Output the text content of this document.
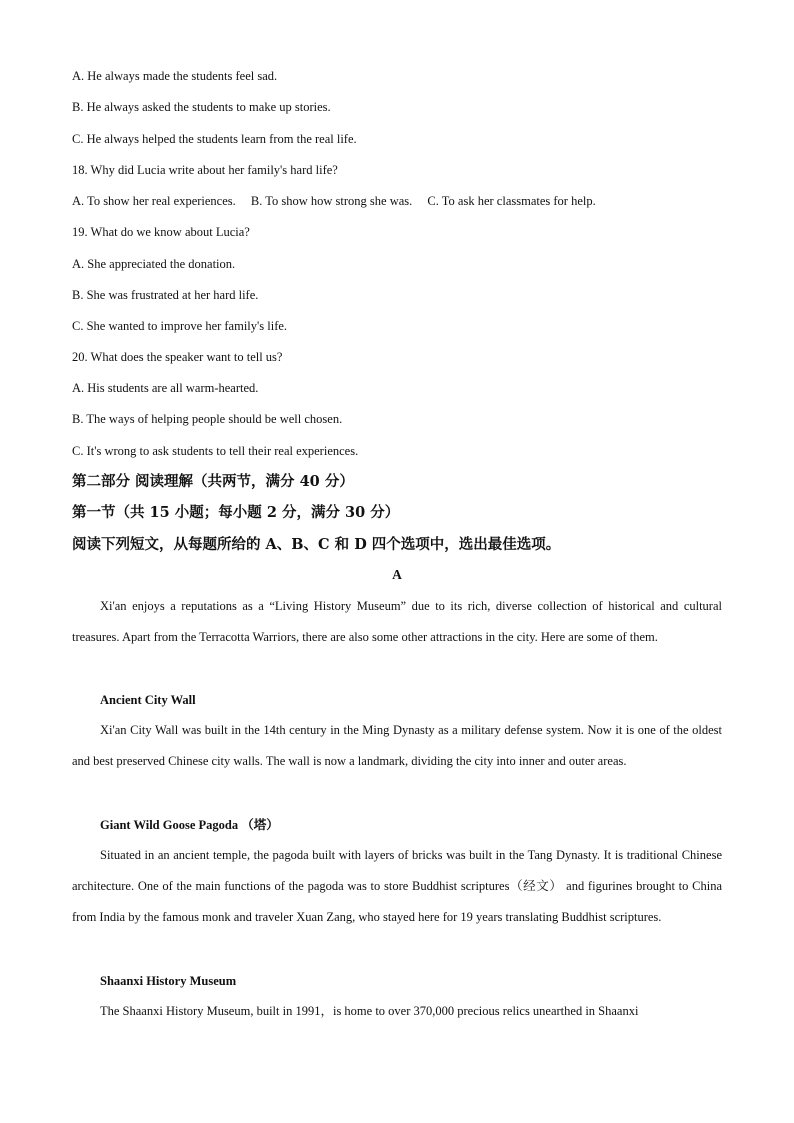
A. He always made the students feel sad.
B. He always asked the students to make up stories.
C. He always helped the students learn from the real life.
18. Why did Lucia write about her family's hard life?
A. To show her real experiences. B. To show how strong she was. C. To ask her classmates for help.
19. What do we know about Lucia?
A. She appreciated the donation.
B. She was frustrated at her hard life.
C. She wanted to improve her family's life.
20. What does the speaker want to tell us?
A. His students are all warm-hearted.
B. The ways of helping people should be well chosen.
C. It's wrong to ask students to tell their real experiences.
第二部分 阅读理解（共两节，满分 40 分）
第一节（共 15 小题；每小题 2 分，满分 30 分）
阅读下列短文，从每题所给的 A、B、C 和 D 四个选项中，选出最佳选项。
A

Xi'an enjoys a reputations as a “Living History Museum” due to its rich, diverse collection of historical and cultural treasures. Apart from the Terracotta Warriors, there are also some other attractions in the city. Here are some of them.

Ancient City Wall

Xi'an City Wall was built in the 14th century in the Ming Dynasty as a military defense system. Now it is one of the oldest and best preserved Chinese city walls. The wall is now a landmark, dividing the city into inner and outer areas.

Giant Wild Goose Pagoda （塔）

Situated in an ancient temple, the pagoda built with layers of bricks was built in the Tang Dynasty. It is traditional Chinese architecture. One of the main functions of the pagoda was to store Buddhist scriptures（经文） and figurines brought to China from India by the famous monk and traveler Xuan Zang, who stayed here for 19 years translating Buddhist scriptures.

Shaanxi History Museum

The Shaanxi History Museum, built in 1991，is home to over 370,000 precious relics unearthed in Shaanxi
